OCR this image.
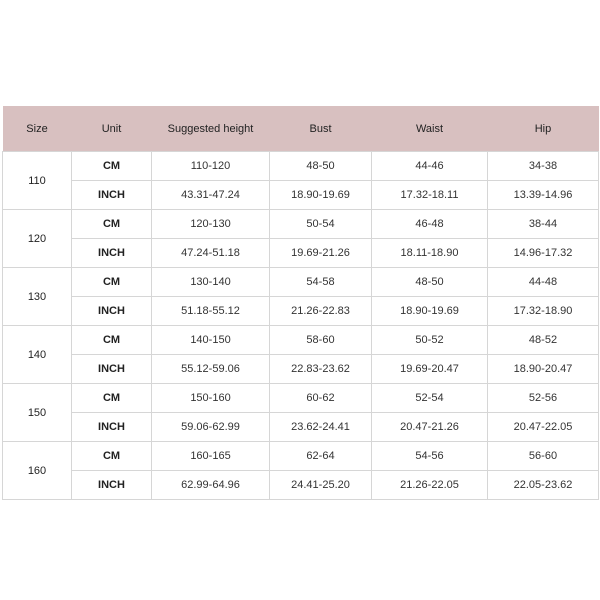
Size	Unit	Suggested height	Bust	Waist	Hip
110	CM	110-120	48-50	44-46	34-38
	INCH	43.31-47.24	18.90-19.69	17.32-18.11	13.39-14.96
120	CM	120-130	50-54	46-48	38-44
	INCH	47.24-51.18	19.69-21.26	18.11-18.90	14.96-17.32
130	CM	130-140	54-58	48-50	44-48
	INCH	51.18-55.12	21.26-22.83	18.90-19.69	17.32-18.90
140	CM	140-150	58-60	50-52	48-52
	INCH	55.12-59.06	22.83-23.62	19.69-20.47	18.90-20.47
150	CM	150-160	60-62	52-54	52-56
	INCH	59.06-62.99	23.62-24.41	20.47-21.26	20.47-22.05
160	CM	160-165	62-64	54-56	56-60
	INCH	62.99-64.96	24.41-25.20	21.26-22.05	22.05-23.62
